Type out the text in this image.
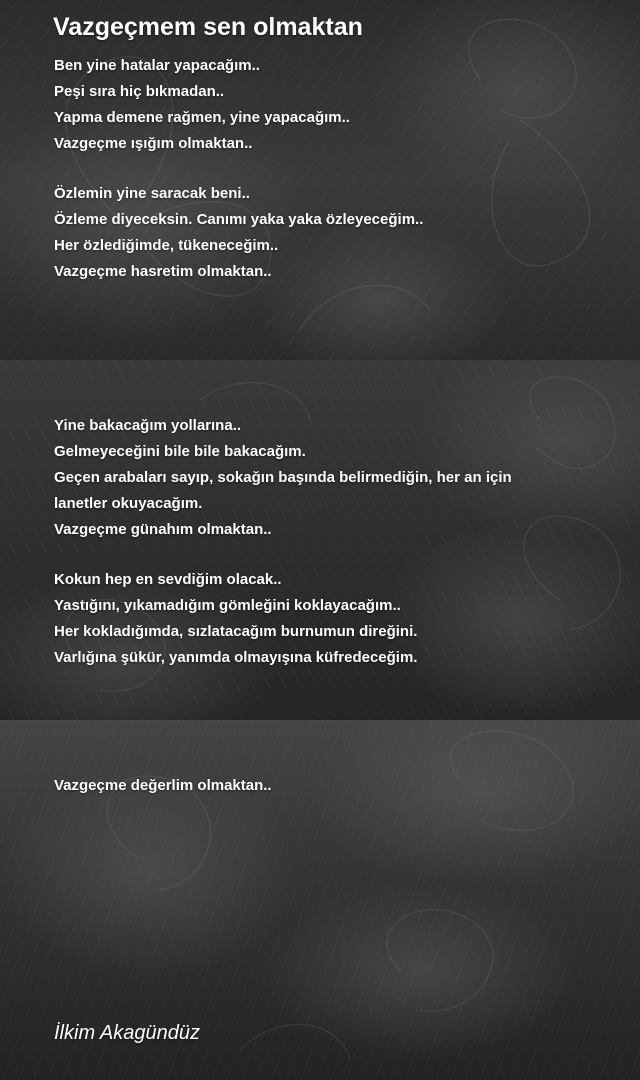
Vazgeçmem sen olmaktan
Ben yine hatalar yapacağım..
Peşi sıra hiç bıkmadan..
Yapma demene rağmen, yine yapacağım..
Vazgeçme ışığım olmaktan..
Özlemin yine saracak beni..
Özleme diyeceksin. Canımı yaka yaka özleyeceğim..
Her özlediğimde, tükeneceğim..
Vazgeçme hasretim olmaktan..
Yine bakacağım yollarına..
Gelmeyeceğini bile bile bakacağım.
Geçen arabaları sayıp, sokağın başında belirmediğin, her an için
lanetler okuyacağım.
Vazgeçme günahım olmaktan..
Kokun hep en sevdiğim olacak..
Yastığını, yıkamadığım gömleğini koklayacağım..
Her kokladığımda, sızlatacağım burnumun direğini.
Varlığına şükür, yanımda olmayışına küfredeceğim.
Vazgeçme değerlim olmaktan..

İlkim Akagündüz
